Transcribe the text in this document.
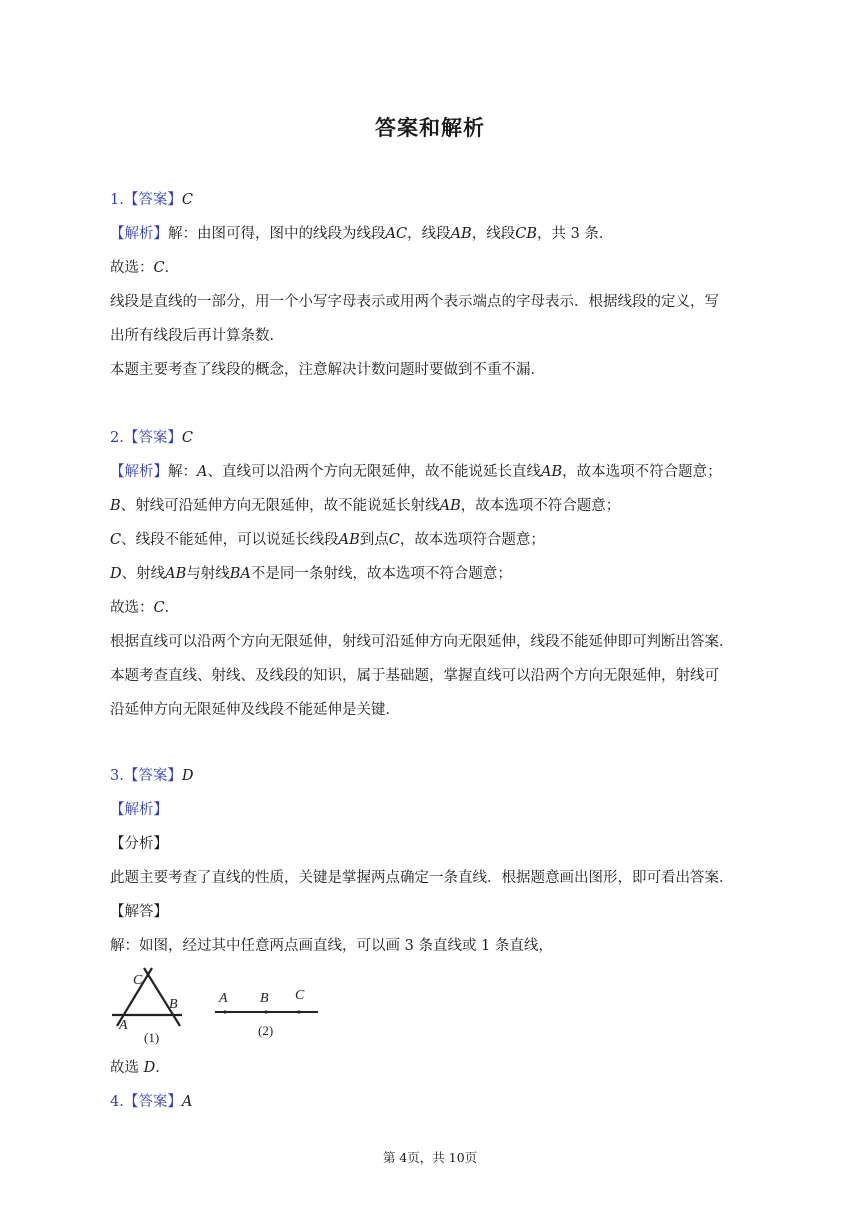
答案和解析
1.【答案】C
【解析】解：由图可得，图中的线段为线段AC，线段AB，线段CB，共 3 条．
故选：C．
线段是直线的一部分，用一个小写字母表示或用两个表示端点的字母表示．根据线段的定义，写
出所有线段后再计算条数．
本题主要考查了线段的概念，注意解决计数问题时要做到不重不漏．
2.【答案】C
【解析】解：A、直线可以沿两个方向无限延伸，故不能说延长直线AB，故本选项不符合题意；
B、射线可沿延伸方向无限延伸，故不能说延长射线AB，故本选项不符合题意；
C、线段不能延伸，可以说延长线段AB到点C，故本选项符合题意；
D、射线AB与射线BA不是同一条射线，故本选项不符合题意；
故选：C．
根据直线可以沿两个方向无限延伸，射线可沿延伸方向无限延伸，线段不能延伸即可判断出答案．
本题考查直线、射线、及线段的知识，属于基础题，掌握直线可以沿两个方向无限延伸，射线可
沿延伸方向无限延伸及线段不能延伸是关键．
3.【答案】D
【解析】
【分析】
此题主要考查了直线的性质，关键是掌握两点确定一条直线．根据题意画出图形，即可看出答案．
【解答】
解：如图，经过其中任意两点画直线，可以画 3 条直线或 1 条直线，
C
B
A
(1)
A B C
(2)
故选 D．
4.【答案】A
第 4页，共 10页
